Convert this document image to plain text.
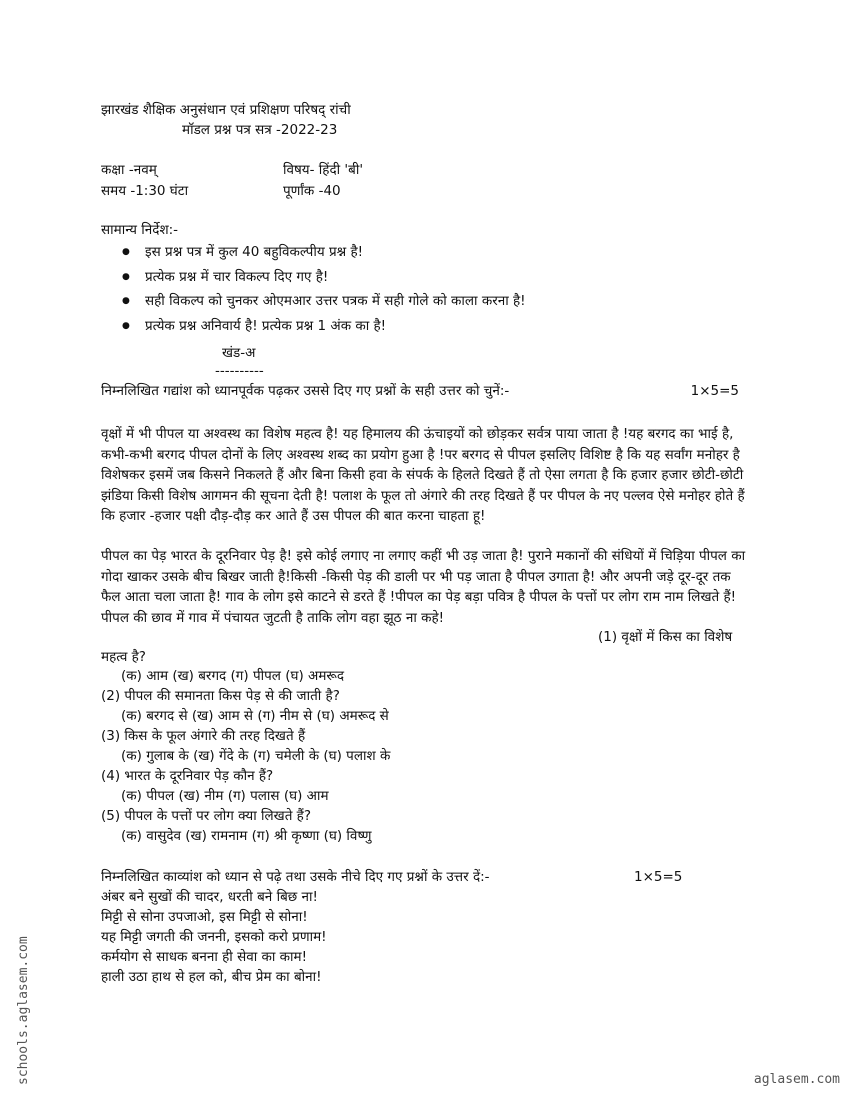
झारखंड शैक्षिक अनुसंधान एवं प्रशिक्षण परिषद् रांची
मॉडल प्रश्न पत्र सत्र -2022-23
कक्षा -नवम्	विषय- हिंदी 'बी'
समय -1:30 घंटा	पूर्णांक -40
सामान्य निर्देश:-
● इस प्रश्न पत्र में कुल 40 बहुविकल्पीय प्रश्न है!
● प्रत्येक प्रश्न में चार विकल्प दिए गए है!
● सही विकल्प को चुनकर ओएमआर उत्तर पत्रक में सही गोले को काला करना है!
● प्रत्येक प्रश्न अनिवार्य है! प्रत्येक प्रश्न 1 अंक का है!
खंड-अ
----------
निम्नलिखित गद्यांश को ध्यानपूर्वक पढ़कर उससे दिए गए प्रश्नों के सही उत्तर को चुनें:-	1×5=5
वृक्षों में भी पीपल या अश्वस्थ का विशेष महत्व है! यह हिमालय की ऊंचाइयों को छोड़कर सर्वत्र पाया जाता है !यह बरगद का भाई है, कभी-कभी बरगद पीपल दोनों के लिए अश्वस्थ शब्द का प्रयोग हुआ है !पर बरगद से पीपल इसलिए विशिष्ट है कि यह सर्वांग मनोहर है विशेषकर इसमें जब किसने निकलते हैं और बिना किसी हवा के संपर्क के हिलते दिखते हैं तो ऐसा लगता है कि हजार हजार छोटी-छोटी झंडिया किसी विशेष आगमन की सूचना देती है! पलाश के फूल तो अंगारे की तरह दिखते हैं पर पीपल के नए पल्लव ऐसे मनोहर होते हैं कि हजार -हजार पक्षी दौड़-दौड़ कर आते हैं उस पीपल की बात करना चाहता हू!
पीपल का पेड़ भारत के दूरनिवार पेड़ है! इसे कोई लगाए ना लगाए कहीं भी उड़ जाता है! पुराने मकानों की संधियों में चिड़िया पीपल का गोदा खाकर उसके बीच बिखर जाती है!किसी -किसी पेड़ की डाली पर भी पड़ जाता है पीपल उगाता है! और अपनी जड़े दूर-दूर तक फैल आता चला जाता है! गाव के लोग इसे काटने से डरते हैं !पीपल का पेड़ बड़ा पवित्र है पीपल के पत्तों पर लोग राम नाम लिखते हैं! पीपल की छाव में गाव में पंचायत जुटती है ताकि लोग वहा झूठ ना कहे!
(1) वृक्षों में किस का विशेष
महत्व है?
(क) आम (ख) बरगद (ग) पीपल (घ) अमरूद
(2) पीपल की समानता किस पेड़ से की जाती है?
(क) बरगद से (ख) आम से (ग) नीम से (घ) अमरूद से
(3) किस के फूल अंगारे की तरह दिखते हैं
(क) गुलाब के (ख) गेंदे के (ग) चमेली के (घ) पलाश के
(4) भारत के दूरनिवार पेड़ कौन हैं?
(क) पीपल (ख) नीम (ग) पलास (घ) आम
(5) पीपल के पत्तों पर लोग क्या लिखते हैं?
(क) वासुदेव (ख) रामनाम (ग) श्री कृष्णा (घ) विष्णु
निम्नलिखित काव्यांश को ध्यान से पढ़े तथा उसके नीचे दिए गए प्रश्नों के उत्तर दें:-	1×5=5
अंबर बने सुखों की चादर, धरती बने बिछ ना!
मिट्टी से सोना उपजाओ, इस मिट्टी से सोना!
यह मिट्टी जगती की जननी, इसको करो प्रणाम!
कर्मयोग से साधक बनना ही सेवा का काम!
हाली उठा हाथ से हल को, बीच प्रेम का बोना!
schools.aglasem.com	aglasem.com
